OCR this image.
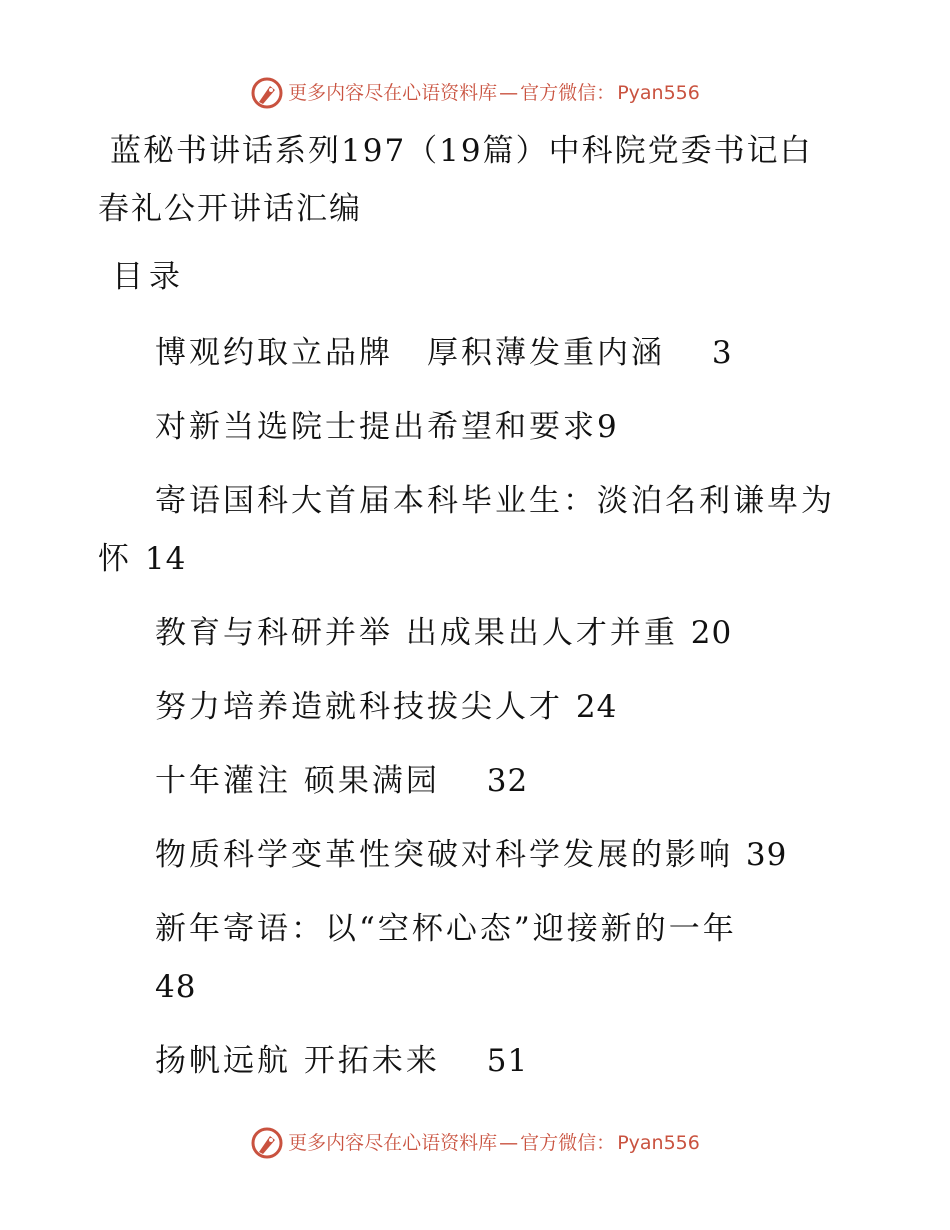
更多内容尽在心语资料库 — 官方微信： Pyan556
蓝秘书讲话系列197（19篇）中科院党委书记白
春礼公开讲话汇编
目录
博观约取立品牌　厚积薄发重内涵　 3
对新当选院士提出希望和要求9
寄语国科大首届本科毕业生：淡泊名利谦卑为怀 14
教育与科研并举 出成果出人才并重 20
努力培养造就科技拔尖人才 24
十年灌注 硕果满园　 32
物质科学变革性突破对科学发展的影响 39
新年寄语：以“空杯心态”迎接新的一年
48
扬帆远航 开拓未来　 51
更多内容尽在心语资料库 — 官方微信： Pyan556
